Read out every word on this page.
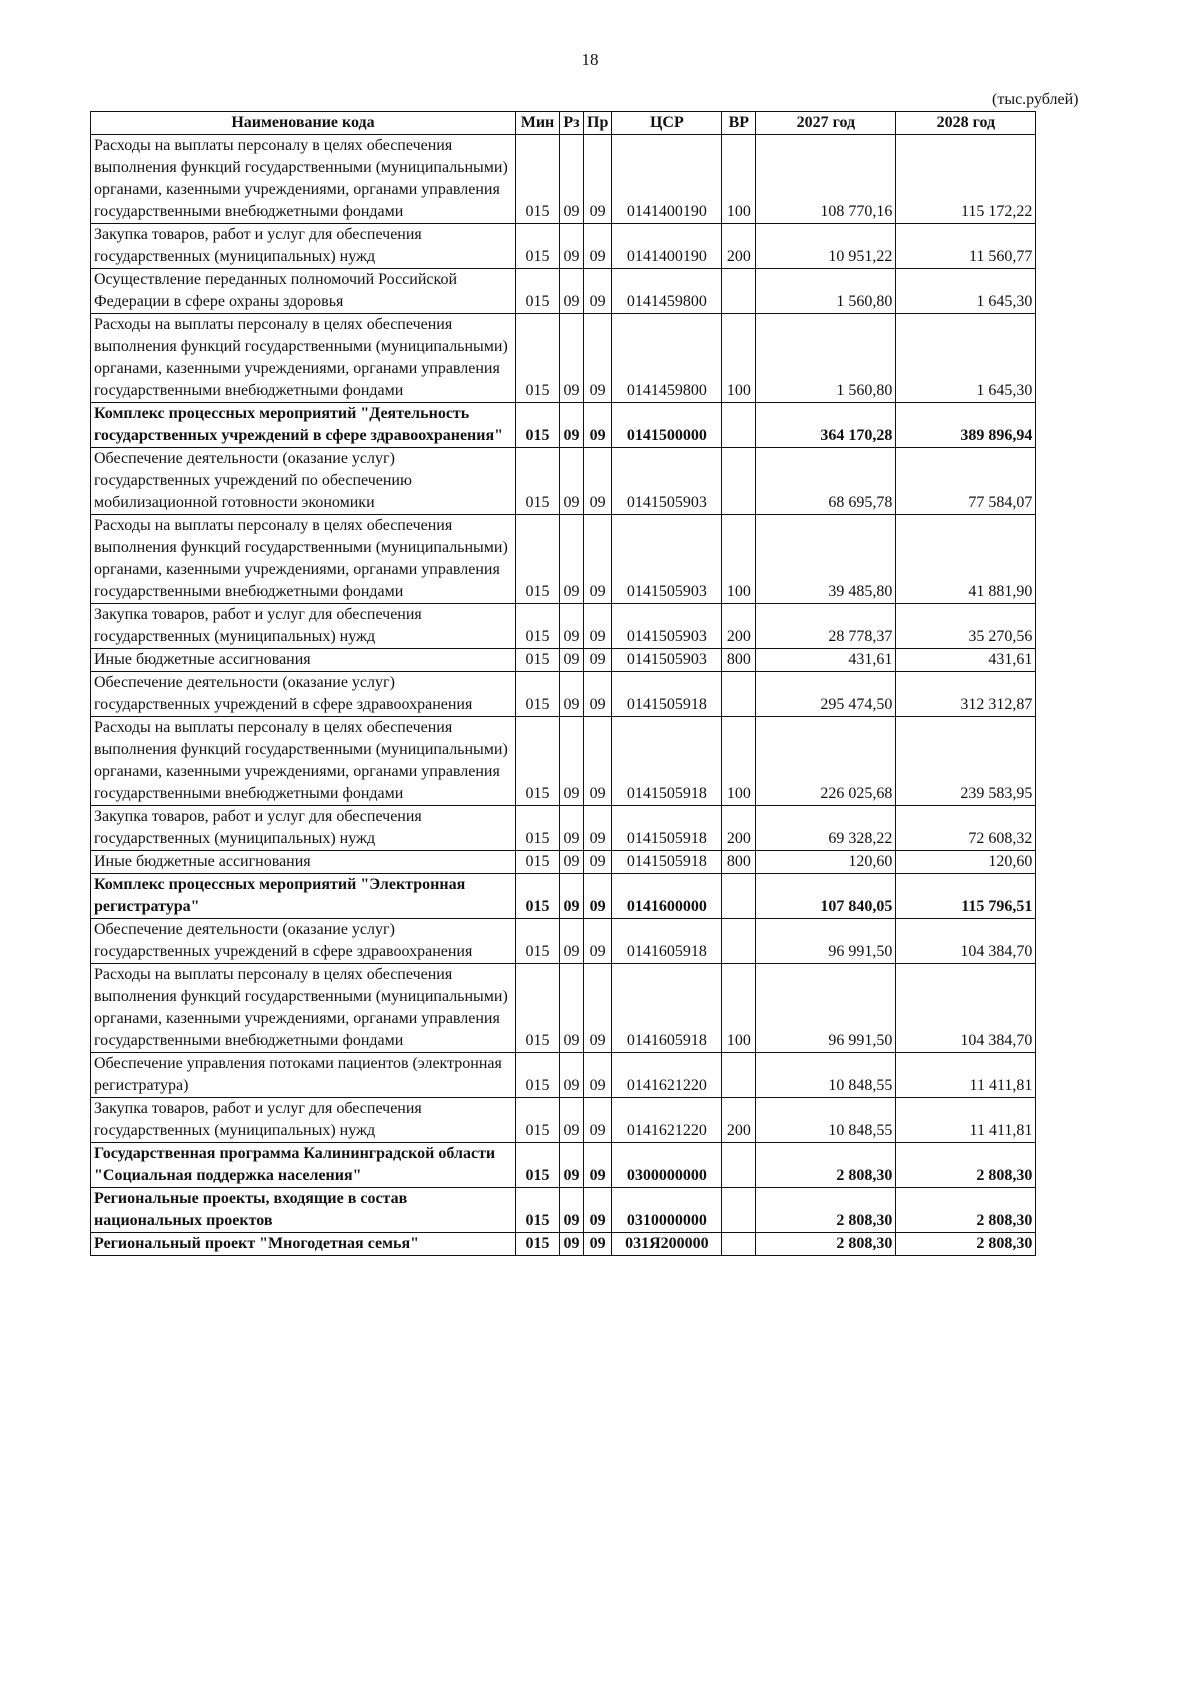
18
(тыс.рублей)
Наименование кода	Мин	Рз	Пр	ЦСР	ВР	2027 год	2028 год
Расходы на выплаты персоналу в целях обеспечения выполнения функций государственными (муниципальными) органами, казенными учреждениями, органами управления государственными внебюджетными фондами	015	09	09	0141400190	100	108 770,16	115 172,22
Закупка товаров, работ и услуг для обеспечения государственных (муниципальных) нужд	015	09	09	0141400190	200	10 951,22	11 560,77
Осуществление переданных полномочий Российской Федерации в сфере охраны здоровья	015	09	09	0141459800		1 560,80	1 645,30
Расходы на выплаты персоналу в целях обеспечения выполнения функций государственными (муниципальными) органами, казенными учреждениями, органами управления государственными внебюджетными фондами	015	09	09	0141459800	100	1 560,80	1 645,30
Комплекс процессных мероприятий "Деятельность государственных учреждений в сфере здравоохранения"	015	09	09	0141500000		364 170,28	389 896,94
Обеспечение деятельности (оказание услуг) государственных учреждений по обеспечению мобилизационной готовности экономики	015	09	09	0141505903		68 695,78	77 584,07
Расходы на выплаты персоналу в целях обеспечения выполнения функций государственными (муниципальными) органами, казенными учреждениями, органами управления государственными внебюджетными фондами	015	09	09	0141505903	100	39 485,80	41 881,90
Закупка товаров, работ и услуг для обеспечения государственных (муниципальных) нужд	015	09	09	0141505903	200	28 778,37	35 270,56
Иные бюджетные ассигнования	015	09	09	0141505903	800	431,61	431,61
Обеспечение деятельности (оказание услуг) государственных учреждений в сфере здравоохранения	015	09	09	0141505918		295 474,50	312 312,87
Расходы на выплаты персоналу в целях обеспечения выполнения функций государственными (муниципальными) органами, казенными учреждениями, органами управления государственными внебюджетными фондами	015	09	09	0141505918	100	226 025,68	239 583,95
Закупка товаров, работ и услуг для обеспечения государственных (муниципальных) нужд	015	09	09	0141505918	200	69 328,22	72 608,32
Иные бюджетные ассигнования	015	09	09	0141505918	800	120,60	120,60
Комплекс процессных мероприятий "Электронная регистратура"	015	09	09	0141600000		107 840,05	115 796,51
Обеспечение деятельности (оказание услуг) государственных учреждений в сфере здравоохранения	015	09	09	0141605918		96 991,50	104 384,70
Расходы на выплаты персоналу в целях обеспечения выполнения функций государственными (муниципальными) органами, казенными учреждениями, органами управления государственными внебюджетными фондами	015	09	09	0141605918	100	96 991,50	104 384,70
Обеспечение управления потоками пациентов (электронная регистратура)	015	09	09	0141621220		10 848,55	11 411,81
Закупка товаров, работ и услуг для обеспечения государственных (муниципальных) нужд	015	09	09	0141621220	200	10 848,55	11 411,81
Государственная программа Калининградской области "Социальная поддержка населения"	015	09	09	0300000000		2 808,30	2 808,30
Региональные проекты, входящие в состав национальных проектов	015	09	09	0310000000		2 808,30	2 808,30
Региональный проект "Многодетная семья"	015	09	09	031Я200000		2 808,30	2 808,30
